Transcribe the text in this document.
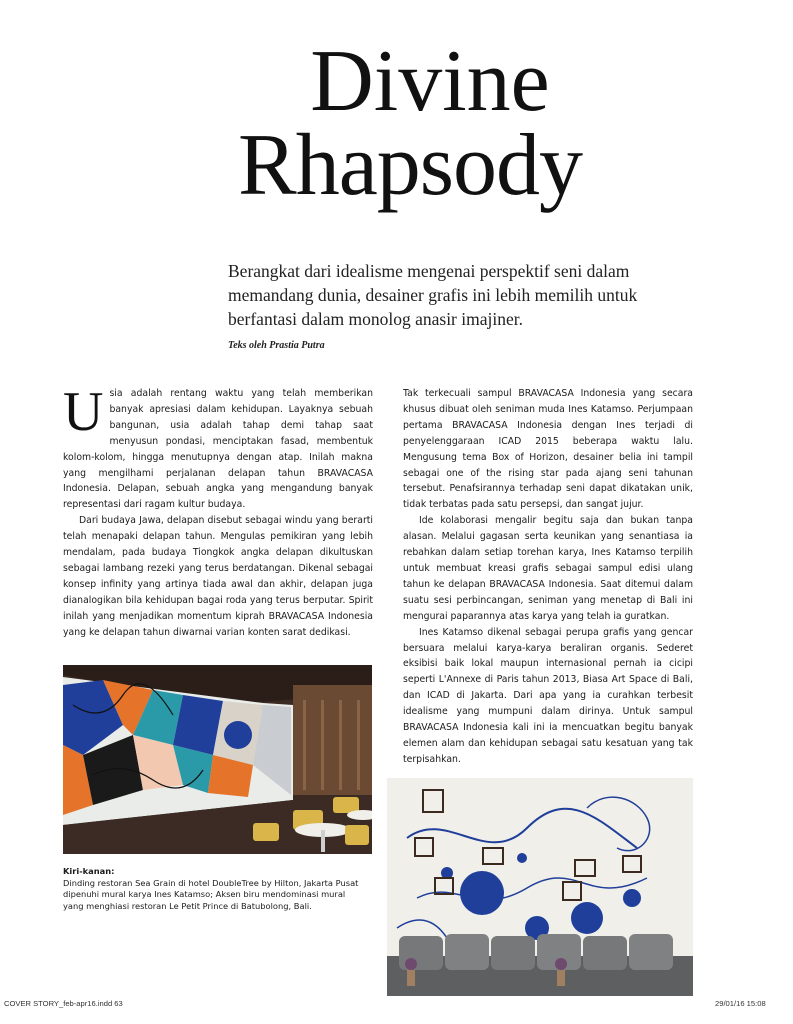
Divine
Rhapsody
Berangkat dari idealisme mengenai perspektif seni dalam memandang dunia, desainer grafis ini lebih memilih untuk berfantasi dalam monolog anasir imajiner.
Teks oleh Prastia Putra

Usia adalah rentang waktu yang telah memberikan banyak apresiasi dalam kehidupan. Layaknya sebuah bangunan, usia adalah tahap demi tahap saat menyusun pondasi, menciptakan fasad, membentuk kolom-kolom, hingga menutupnya dengan atap. Inilah makna yang mengilhami perjalanan delapan tahun BRAVACASA Indonesia. Delapan, sebuah angka yang mengandung banyak representasi dari ragam kultur budaya.

Dari budaya Jawa, delapan disebut sebagai windu yang berarti telah menapaki delapan tahun. Mengulas pemikiran yang lebih mendalam, pada budaya Tiongkok angka delapan dikultuskan sebagai lambang rezeki yang terus berdatangan. Dikenal sebagai konsep infinity yang artinya tiada awal dan akhir, delapan juga dianalogikan bila kehidupan bagai roda yang terus berputar. Spirit inilah yang menjadikan momentum kiprah BRAVACASA Indonesia yang ke delapan tahun diwarnai varian konten sarat dedikasi.

Tak terkecuali sampul BRAVACASA Indonesia yang secara khusus dibuat oleh seniman muda Ines Katamso. Perjumpaan pertama BRAVACASA Indonesia dengan Ines terjadi di penyelenggaraan ICAD 2015 beberapa waktu lalu. Mengusung tema Box of Horizon, desainer belia ini tampil sebagai one of the rising star pada ajang seni tahunan tersebut. Penafsirannya terhadap seni dapat dikatakan unik, tidak terbatas pada satu persepsi, dan sangat jujur.

Ide kolaborasi mengalir begitu saja dan bukan tanpa alasan. Melalui gagasan serta keunikan yang senantiasa ia rebahkan dalam setiap torehan karya, Ines Katamso terpilih untuk membuat kreasi grafis sebagai sampul edisi ulang tahun ke delapan BRAVACASA Indonesia. Saat ditemui dalam suatu sesi perbincangan, seniman yang menetap di Bali ini mengurai paparannya atas karya yang telah ia guratkan.

Ines Katamso dikenal sebagai perupa grafis yang gencar bersuara melalui karya-karya beraliran organis. Sederet eksibisi baik lokal maupun internasional pernah ia cicipi seperti L'Annexe di Paris tahun 2013, Biasa Art Space di Bali, dan ICAD di Jakarta. Dari apa yang ia curahkan terbesit idealisme yang mumpuni dalam dirinya. Untuk sampul BRAVACASA Indonesia kali ini ia mencuatkan begitu banyak elemen alam dan kehidupan sebagai satu kesatuan yang tak terpisahkan.

Kiri-kanan:
Dinding restoran Sea Grain di hotel DoubleTree by Hilton, Jakarta Pusat dipenuhi mural karya Ines Katamso; Aksen biru mendominasi mural yang menghiasi restoran Le Petit Prince di Batubolong, Bali.
COVER STORY_feb-apr16.indd 63	29/01/16 15:08
